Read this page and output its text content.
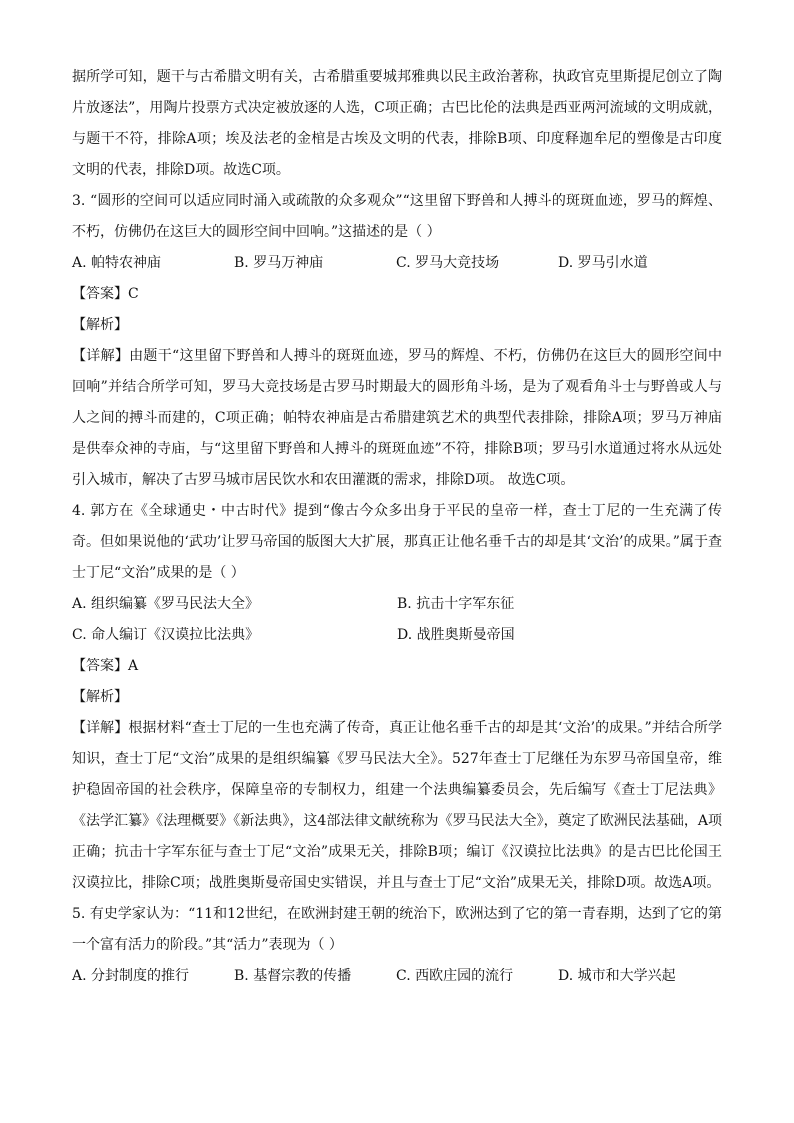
据所学可知，题干与古希腊文明有关，古希腊重要城邦雅典以民主政治著称，执政官克里斯提尼创立了陶片放逐法”，用陶片投票方式决定被放逐的人选，C项正确；古巴比伦的法典是西亚两河流域的文明成就，与题干不符，排除A项；埃及法老的金棺是古埃及文明的代表，排除B项、印度释迦牟尼的塑像是古印度文明的代表，排除D项。故选C项。

3. “圆形的空间可以适应同时涌入或疏散的众多观众”“这里留下野兽和人搏斗的斑斑血迹，罗马的辉煌、不朽，仿佛仍在这巨大的圆形空间中回响。”这描述的是（ ）

A. 帕特农神庙	B. 罗马万神庙	C. 罗马大竞技场	D. 罗马引水道

【答案】C

【解析】

【详解】由题干“这里留下野兽和人搏斗的斑斑血迹，罗马的辉煌、不朽，仿佛仍在这巨大的圆形空间中回响”并结合所学可知，罗马大竞技场是古罗马时期最大的圆形角斗场，是为了观看角斗士与野兽或人与人之间的搏斗而建的，C项正确；帕特农神庙是古希腊建筑艺术的典型代表排除，排除A项；罗马万神庙是供奉众神的寺庙，与“这里留下野兽和人搏斗的斑斑血迹”不符，排除B项；罗马引水道通过将水从远处引入城市，解决了古罗马城市居民饮水和农田灌溉的需求，排除D项。 故选C项。

4. 郭方在《全球通史・中古时代》提到“像古今众多出身于平民的皇帝一样，查士丁尼的一生充满了传奇。但如果说他的‘武功’让罗马帝国的版图大大扩展，那真正让他名垂千古的却是其‘文治’的成果。”属于查士丁尼“文治”成果的是（ ）

A. 组织编纂《罗马民法大全》	B. 抗击十字军东征
C. 命人编订《汉谟拉比法典》	D. 战胜奥斯曼帝国

【答案】A

【解析】

【详解】根据材料“查士丁尼的一生也充满了传奇，真正让他名垂千古的却是其‘文治’的成果。”并结合所学知识，查士丁尼“文治”成果的是组织编纂《罗马民法大全》。527年查士丁尼继任为东罗马帝国皇帝，维护稳固帝国的社会秩序，保障皇帝的专制权力，组建一个法典编纂委员会，先后编写《查士丁尼法典》《法学汇纂》《法理概要》《新法典》，这4部法律文献统称为《罗马民法大全》，奠定了欧洲民法基础，A项正确；抗击十字军东征与查士丁尼“文治”成果无关，排除B项；编订《汉谟拉比法典》的是古巴比伦国王汉谟拉比，排除C项；战胜奥斯曼帝国史实错误，并且与查士丁尼“文治”成果无关，排除D项。故选A项。

5. 有史学家认为：“11和12世纪，在欧洲封建王朝的统治下，欧洲达到了它的第一青春期，达到了它的第一个富有活力的阶段。”其“活力”表现为（ ）

A. 分封制度的推行	B. 基督宗教的传播	C. 西欧庄园的流行	D. 城市和大学兴起
